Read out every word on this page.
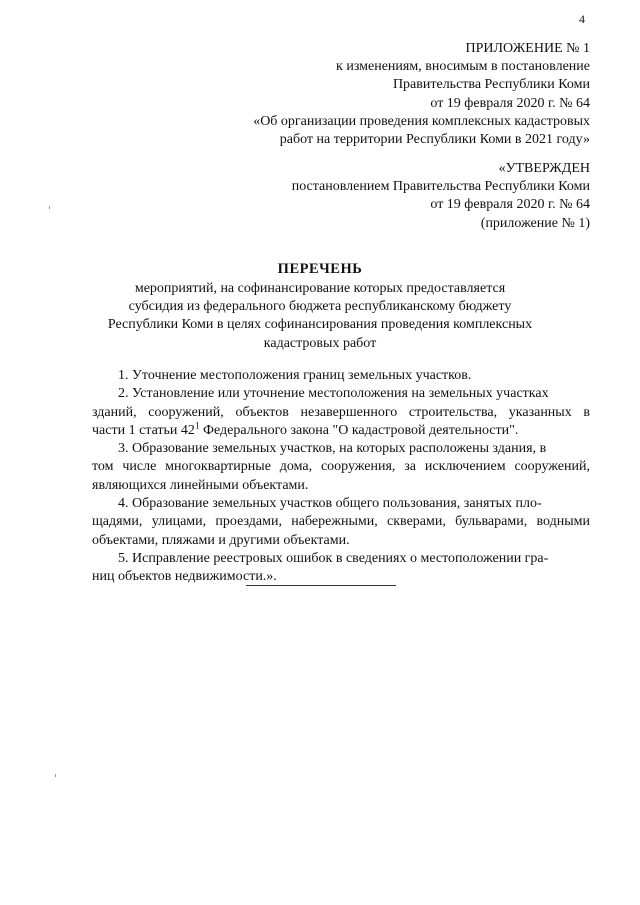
4
ПРИЛОЖЕНИЕ № 1
к изменениям, вносимым в постановление
Правительства Республики Коми
от 19 февраля 2020 г. № 64
«Об организации проведения комплексных кадастровых
работ на территории Республики Коми в 2021 году»
«УТВЕРЖДЕН
постановлением Правительства Республики Коми
от 19 февраля 2020 г. № 64
(приложение № 1)
ПЕРЕЧЕНЬ
мероприятий, на софинансирование которых предоставляется
субсидия из федерального бюджета республиканскому бюджету
Республики Коми в целях софинансирования проведения комплексных
кадастровых работ

1. Уточнение местоположения границ земельных участков.

2. Установление или уточнение местоположения на земельных участках
зданий, сооружений, объектов незавершенного строительства, указанных в
части 1 статьи $42^1$ Федерального закона "О кадастровой деятельности".

3. Образование земельных участков, на которых расположены здания, в
том числе многоквартирные дома, сооружения, за исключением сооружений,
являющихся линейными объектами.

4. Образование земельных участков общего пользования, занятых пло-
щадями, улицами, проездами, набережными, скверами, бульварами, водными
объектами, пляжами и другими объектами.

5. Исправление реестровых ошибок в сведениях о местоположении гра-
ниц объектов недвижимости.».
